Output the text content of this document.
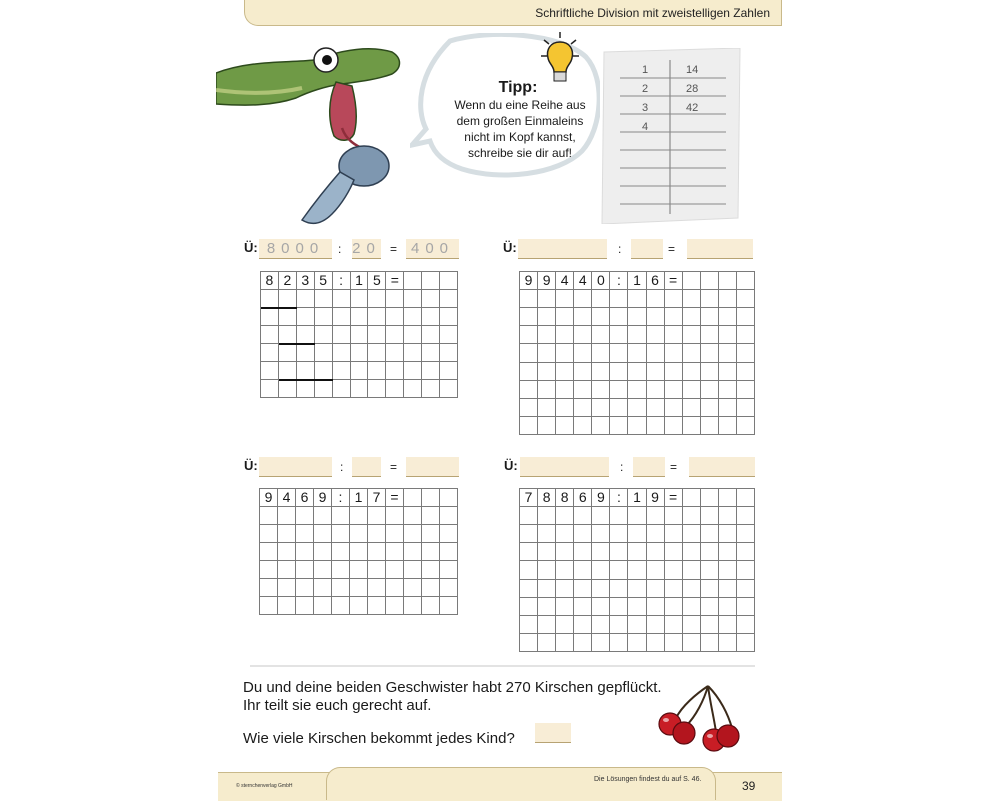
Schriftliche Division mit zweistelligen Zahlen
Tipp:
Wenn du eine Reihe aus
dem großen Einmaleins
nicht im Kopf kannst,
schreibe sie dir auf!
1	14
2	28
3	42
4
Ü: 8000	: 20 = 400	Ü:	:	=
Ü:	:	=	Ü:	:	=
8 2 3 5 : 1 5 =	9 9 4 4 0 : 1 6 =
9 4 6 9 : 1 7 =	7 8 8 6 9 : 1 9 =
Du und deine beiden Geschwister habt 270 Kirschen gepflückt.
Ihr teilt sie euch gerecht auf.
Wie viele Kirschen bekommt jedes Kind?
© sternchenverlag GmbH
Die Lösungen findest du auf S. 46.	39
